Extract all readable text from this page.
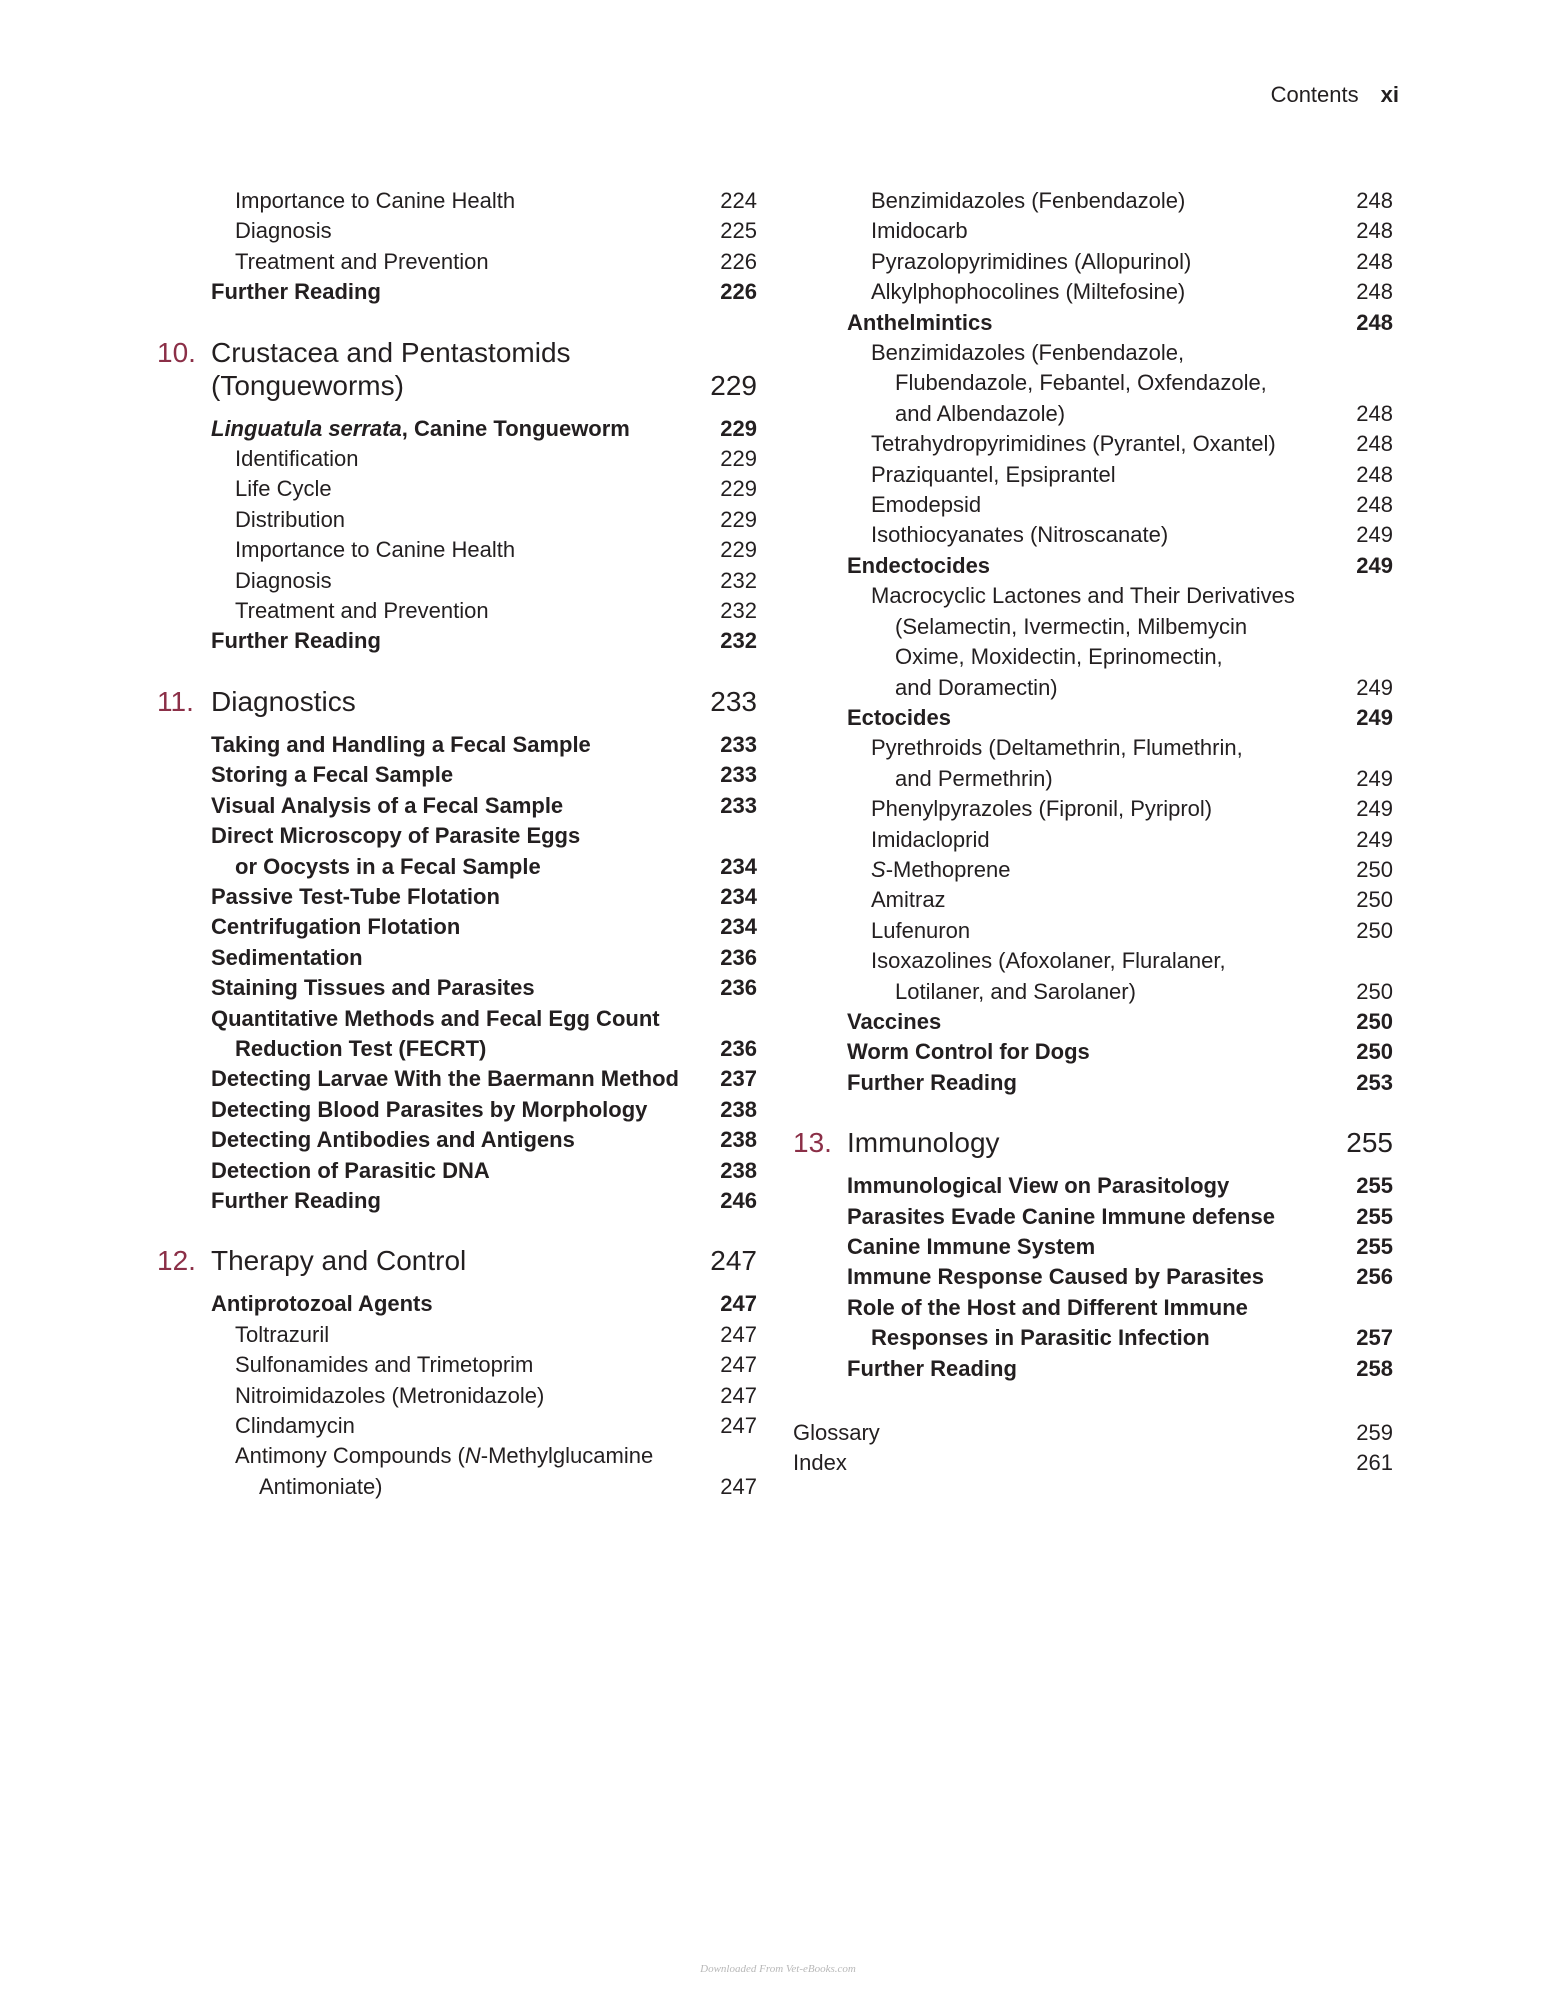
Contents xi
Importance to Canine Health	224
Diagnosis	225
Treatment and Prevention	226
Further Reading	226
10. Crustacea and Pentastomids
(Tongueworms)	229
Linguatula serrata, Canine Tongueworm	229
Identification	229
Life Cycle	229
Distribution	229
Importance to Canine Health	229
Diagnosis	232
Treatment and Prevention	232
Further Reading	232
11. Diagnostics	233
Taking and Handling a Fecal Sample	233
Storing a Fecal Sample	233
Visual Analysis of a Fecal Sample	233
Direct Microscopy of Parasite Eggs
or Oocysts in a Fecal Sample	234
Passive Test-Tube Flotation	234
Centrifugation Flotation	234
Sedimentation	236
Staining Tissues and Parasites	236
Quantitative Methods and Fecal Egg Count
Reduction Test (FECRT)	236
Detecting Larvae With the Baermann Method 237
Detecting Blood Parasites by Morphology	238
Detecting Antibodies and Antigens	238
Detection of Parasitic DNA	238
Further Reading	246
12. Therapy and Control	247
Antiprotozoal Agents	247
Toltrazuril	247
Sulfonamides and Trimetoprim	247
Nitroimidazoles (Metronidazole)	247
Clindamycin	247
Antimony Compounds (N-Methylglucamine
Antimoniate)	247
Benzimidazoles (Fenbendazole)	248
Imidocarb	248
Pyrazolopyrimidines (Allopurinol)	248
Alkylphophocolines (Miltefosine)	248
Anthelmintics	248
Benzimidazoles (Fenbendazole,
Flubendazole, Febantel, Oxfendazole,
and Albendazole)	248
Tetrahydropyrimidines (Pyrantel, Oxantel)	248
Praziquantel, Epsiprantel	248
Emodepsid	248
Isothiocyanates (Nitroscanate)	249
Endectocides	249
Macrocyclic Lactones and Their Derivatives
(Selamectin, Ivermectin, Milbemycin
Oxime, Moxidectin, Eprinomectin,
and Doramectin)	249
Ectocides	249
Pyrethroids (Deltamethrin, Flumethrin,
and Permethrin)	249
Phenylpyrazoles (Fipronil, Pyriprol)	249
Imidacloprid	249
S-Methoprene	250
Amitraz	250
Lufenuron	250
Isoxazolines (Afoxolaner, Fluralaner,
Lotilaner, and Sarolaner)	250
Vaccines	250
Worm Control for Dogs	250
Further Reading	253
13. Immunology	255
Immunological View on Parasitology	255
Parasites Evade Canine Immune defense	255
Canine Immune System	255
Immune Response Caused by Parasites	256
Role of the Host and Different Immune
Responses in Parasitic Infection	257
Further Reading	258
Glossary	259
Index	261
Downloaded From Vet-eBooks.com
